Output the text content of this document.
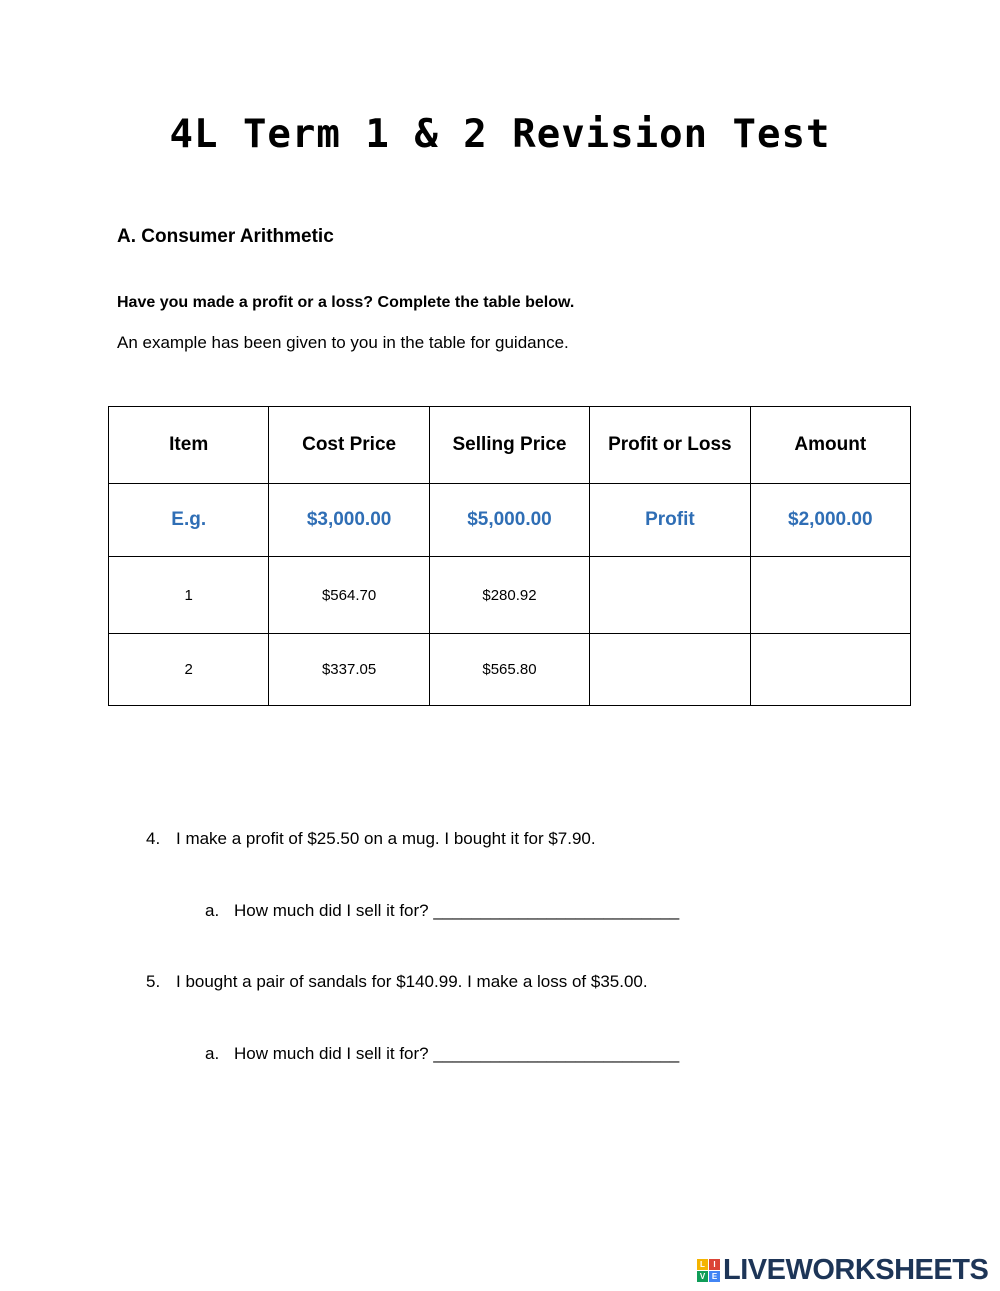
4L Term 1 & 2 Revision Test
A. Consumer Arithmetic
Have you made a profit or a loss? Complete the table below.
An example has been given to you in the table for guidance.
Item	Cost Price	Selling Price	Profit or Loss	Amount
E.g.	$3,000.00	$5,000.00	Profit	$2,000.00
1	$564.70	$280.92		
2	$337.05	$565.80		
4. I make a profit of $25.50 on a mug. I bought it for $7.90.
a. How much did I sell it for? __________________________
5. I bought a pair of sandals for $140.99. I make a loss of $35.00.
a. How much did I sell it for? __________________________
L	I
V E LIVEWORKSHEETS
